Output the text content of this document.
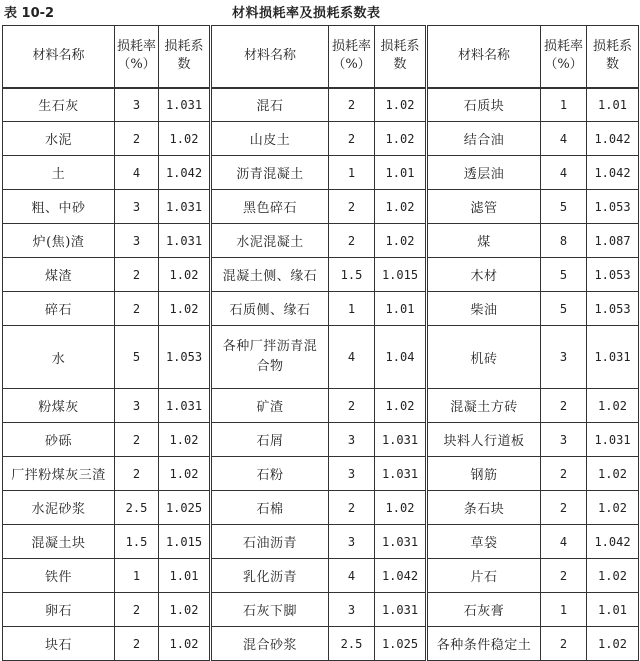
表 10-2	材料损耗率及损耗系数表
材料名称	损耗率（%）	损耗系数	材料名称	损耗率（%）	损耗系数	材料名称	损耗率（%）	损耗系数
生石灰	3	1.031	混石	2	1.02	石质块	1	1.01
水泥	2	1.02	山皮土	2	1.02	结合油	4	1.042
土	4	1.042	沥青混凝土	1	1.01	透层油	4	1.042
粗、中砂	3	1.031	黑色碎石	2	1.02	滤管	5	1.053
炉(焦)渣	3	1.031	水泥混凝土	2	1.02	煤	8	1.087
煤渣	2	1.02	混凝土侧、缘石	1.5	1.015	木材	5	1.053
碎石	2	1.02	石质侧、缘石	1	1.01	柴油	5	1.053
水	5	1.053	各种厂拌沥青混合物	4	1.04	机砖	3	1.031
粉煤灰	3	1.031	矿渣	2	1.02	混凝土方砖	2	1.02
砂砾	2	1.02	石屑	3	1.031	块料人行道板	3	1.031
厂拌粉煤灰三渣	2	1.02	石粉	3	1.031	钢筋	2	1.02
水泥砂浆	2.5	1.025	石棉	2	1.02	条石块	2	1.02
混凝土块	1.5	1.015	石油沥青	3	1.031	草袋	4	1.042
铁件	1	1.01	乳化沥青	4	1.042	片石	2	1.02
卵石	2	1.02	石灰下脚	3	1.031	石灰膏	1	1.01
块石	2	1.02	混合砂浆	2.5	1.025	各种条件稳定土	2	1.02
